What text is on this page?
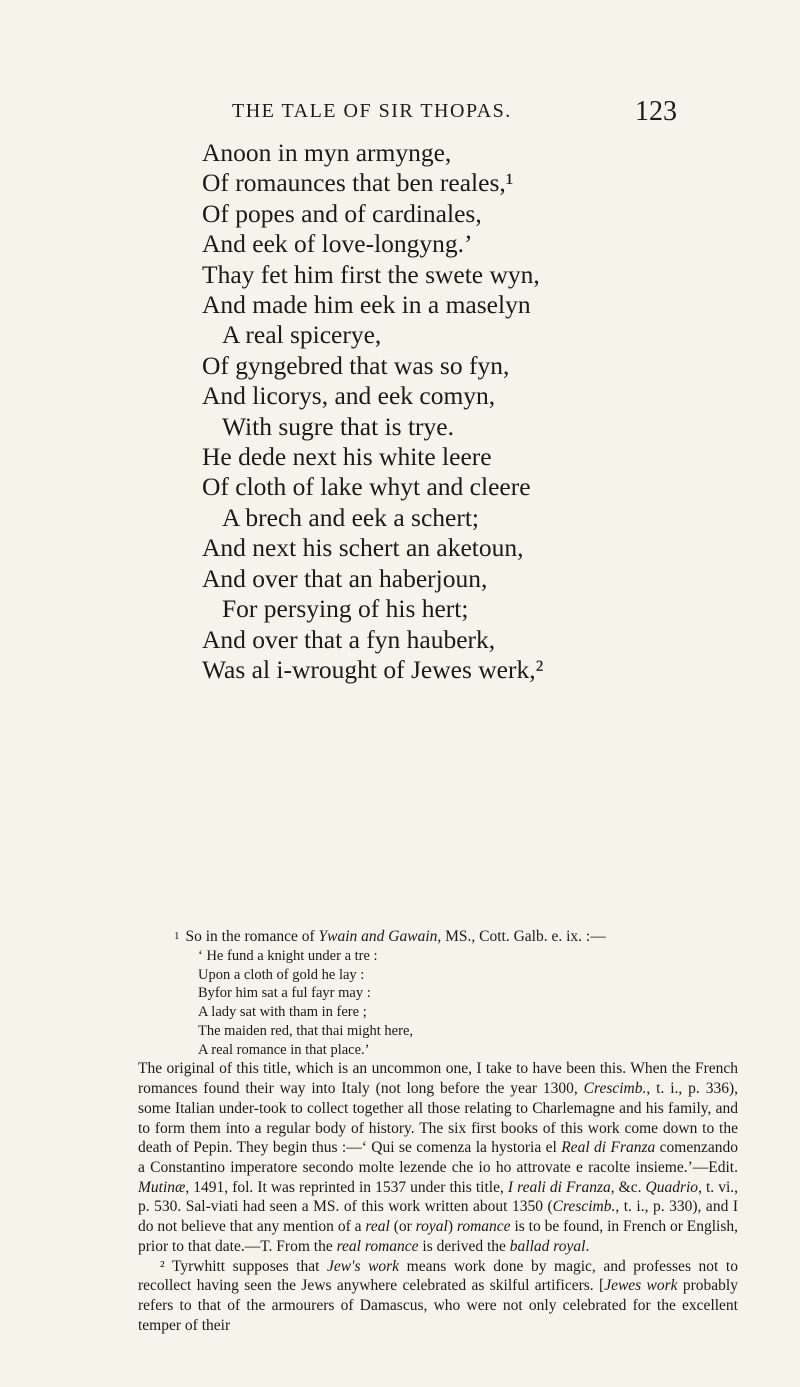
THE TALE OF SIR THOPAS.	123
Anoon in myn armynge,
Of romaunces that ben reales,¹
Of popes and of cardinales,
And eek of love-longyng.’
Thay fet him first the swete wyn,
And made him eek in a maselyn
A real spicerye,
Of gyngebred that was so fyn,
And licorys, and eek comyn,
With sugre that is trye.
He dede next his white leere
Of cloth of lake whyt and cleere
A brech and eek a schert;
And next his schert an aketoun,
And over that an haberjoun,
For persying of his hert;
And over that a fyn hauberk,
Was al i-wrought of Jewes werk,²
$^1$ So in the romance of Ywain and Gawain, MS., Cott. Galb. e. ix. :—
‘ He fund a knight under a tre :
Upon a cloth of gold he lay :
Byfor him sat a ful fayr may :
A lady sat with tham in fere ;
The maiden red, that thai might here,
A real romance in that place.’
The original of this title, which is an uncommon one, I take to have been this. When the French romances found their way into Italy (not long before the year 1300, Crescimb., t. i., p. 336), some Italian under-took to collect together all those relating to Charlemagne and his family, and to form them into a regular body of history. The six first books of this work come down to the death of Pepin. They begin thus :—‘ Qui se comenza la hystoria el Real di Franza comenzando a Constantino imperatore secondo molte lezende che io ho attrovate e racolte insieme.’—Edit. Mutinæ, 1491, fol. It was reprinted in 1537 under this title, I reali di Franza, &c. Quadrio, t. vi., p. 530. Sal-viati had seen a MS. of this work written about 1350 (Crescimb., t. i., p. 330), and I do not believe that any mention of a real (or royal) romance is to be found, in French or English, prior to that date.—T. From the real romance is derived the ballad royal.
² Tyrwhitt supposes that Jew's work means work done by magic, and professes not to recollect having seen the Jews anywhere celebrated as skilful artificers. [Jewes work probably refers to that of the armourers of Damascus, who were not only celebrated for the excellent temper of their
